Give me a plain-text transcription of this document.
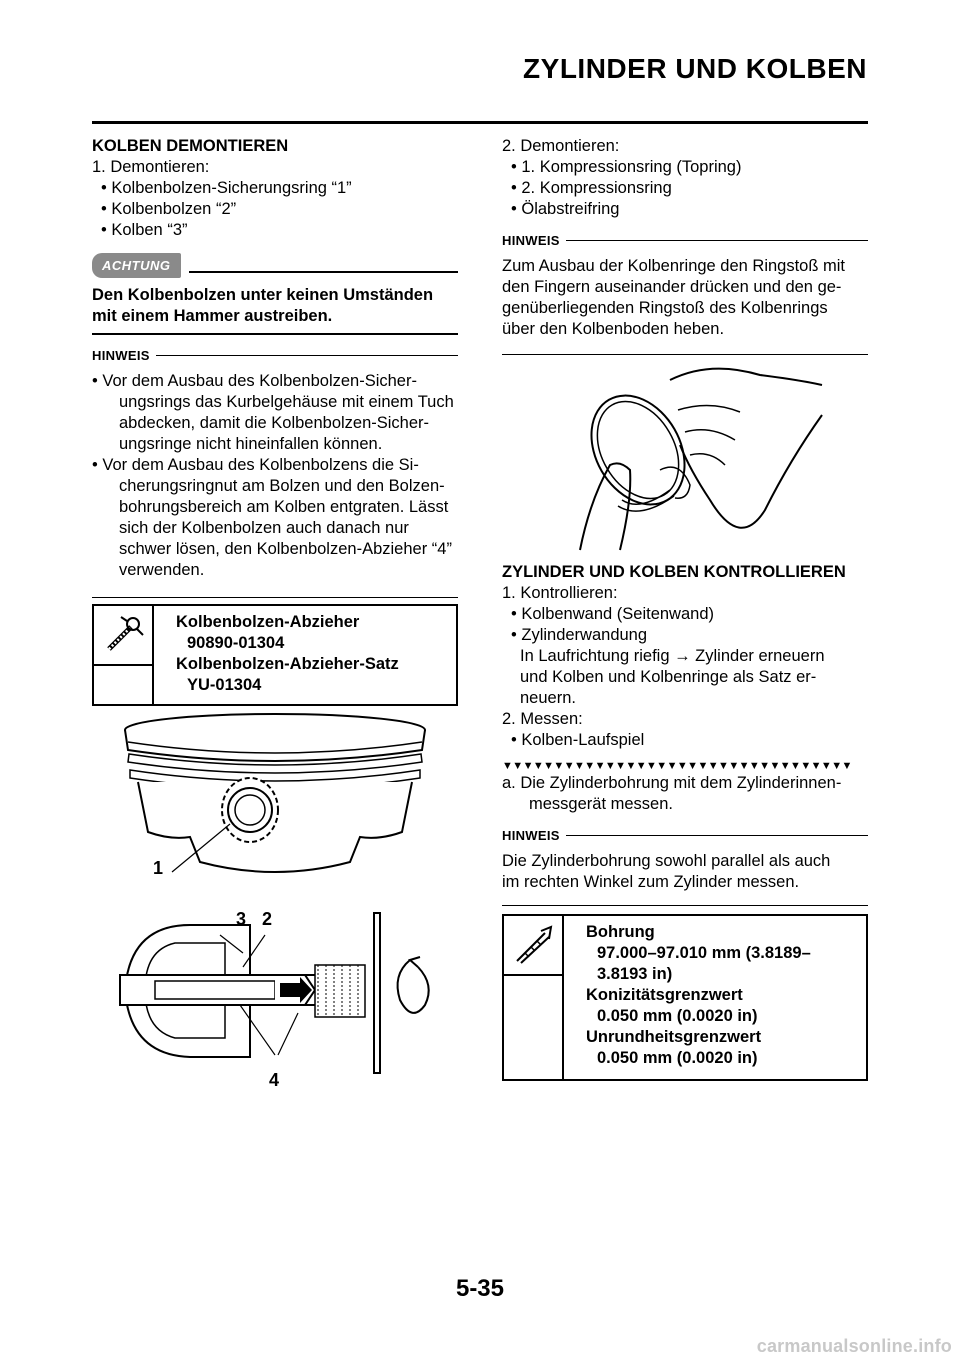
ZYLINDER UND KOLBEN
KOLBEN DEMONTIEREN
1. Demontieren:
• Kolbenbolzen-Sicherungsring “1”
• Kolbenbolzen “2”
• Kolben “3”
ACHTUNG
Den Kolbenbolzen unter keinen Umständen
mit einem Hammer austreiben.
HINWEIS
• Vor dem Ausbau des Kolbenbolzen-Sicher-
ungsrings das Kurbelgehäuse mit einem Tuch
abdecken, damit die Kolbenbolzen-Sicher-
ungsringe nicht hineinfallen können.
• Vor dem Ausbau des Kolbenbolzens die Si-
cherungsringnut am Bolzen und den Bolzen-
bohrungsbereich am Kolben entgraten. Lässt
sich der Kolbenbolzen auch danach nur
schwer lösen, den Kolbenbolzen-Abzieher “4”
verwenden.
Kolbenbolzen-Abzieher
90890-01304
Kolbenbolzen-Abzieher-Satz
YU-01304
1
3 2
4
2. Demontieren:
• 1. Kompressionsring (Topring)
• 2. Kompressionsring
• Ölabstreifring
HINWEIS
Zum Ausbau der Kolbenringe den Ringstoß mit
den Fingern auseinander drücken und den ge-
genüberliegenden Ringstoß des Kolbenrings
über den Kolbenboden heben.
ZYLINDER UND KOLBEN KONTROLLIEREN
1. Kontrollieren:
• Kolbenwand (Seitenwand)
• Zylinderwandung
In Laufrichtung riefig → Zylinder erneuern
und Kolben und Kolbenringe als Satz er-
neuern.
2. Messen:
• Kolben-Laufspiel
▼▼▼▼▼▼▼▼▼▼▼▼▼▼▼▼▼▼▼▼▼▼▼▼▼▼▼▼▼▼▼▼▼▼
a. Die Zylinderbohrung mit dem Zylinderinnen-
messgerät messen.
HINWEIS
Die Zylinderbohrung sowohl parallel als auch
im rechten Winkel zum Zylinder messen.
Bohrung
97.000–97.010 mm (3.8189–
3.8193 in)
Konizitätsgrenzwert
0.050 mm (0.0020 in)
Unrundheitsgrenzwert
0.050 mm (0.0020 in)
5-35
carmanualsonline.info
